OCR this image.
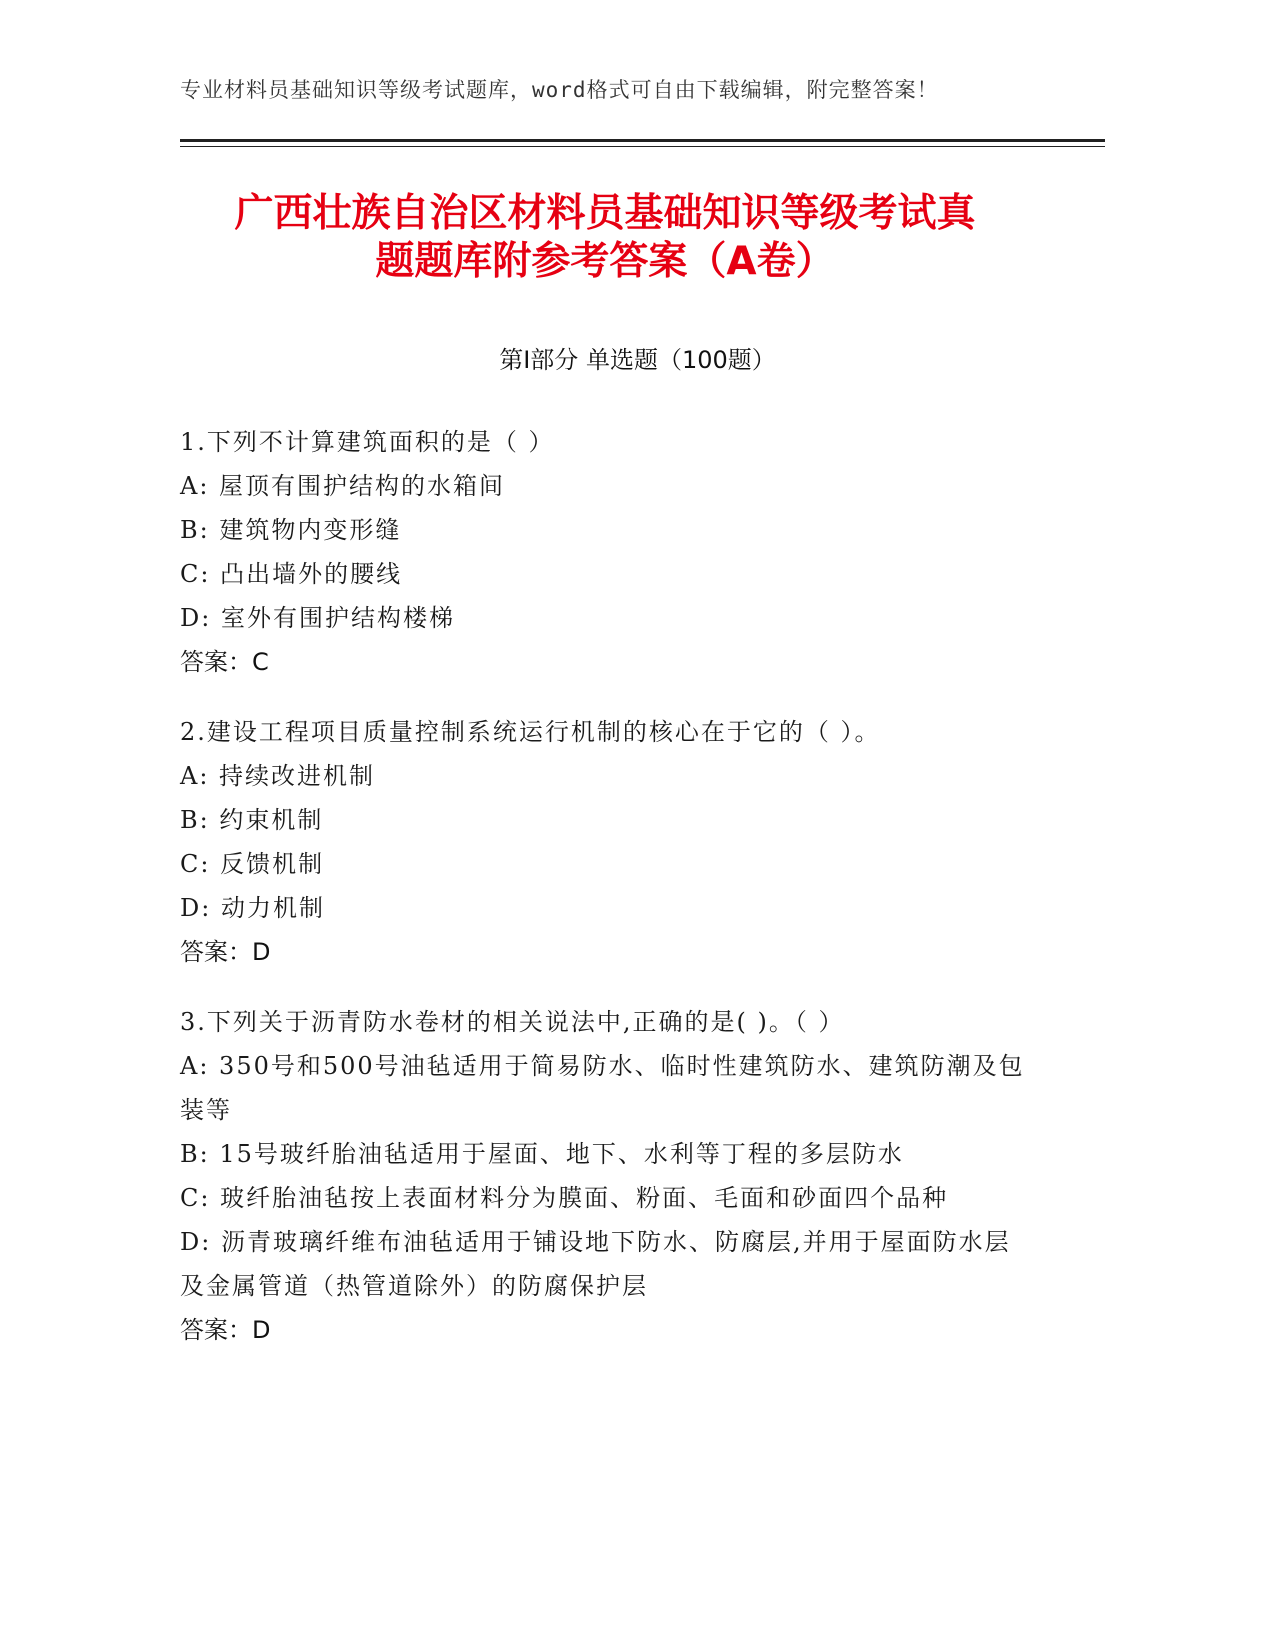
专业材料员基础知识等级考试题库，word格式可自由下载编辑，附完整答案！
广西壮族自治区材料员基础知识等级考试真
题题库附参考答案（A卷）
第Ⅰ部分 单选题（100题）
1.下列不计算建筑面积的是（ ）
A: 屋顶有围护结构的水箱间
B: 建筑物内变形缝
C: 凸出墙外的腰线
D: 室外有围护结构楼梯
答案：C
2.建设工程项目质量控制系统运行机制的核心在于它的（ ）。
A: 持续改进机制
B: 约束机制
C: 反馈机制
D: 动力机制
答案：D
3.下列关于沥青防水卷材的相关说法中,正确的是( )。（ ）
A: 350号和500号油毡适用于简易防水、临时性建筑防水、建筑防潮及包装等
B: 15号玻纤胎油毡适用于屋面、地下、水利等丁程的多层防水
C: 玻纤胎油毡按上表面材料分为膜面、粉面、毛面和砂面四个品种
D: 沥青玻璃纤维布油毡适用于铺设地下防水、防腐层,并用于屋面防水层及金属管道（热管道除外）的防腐保护层
答案：D
